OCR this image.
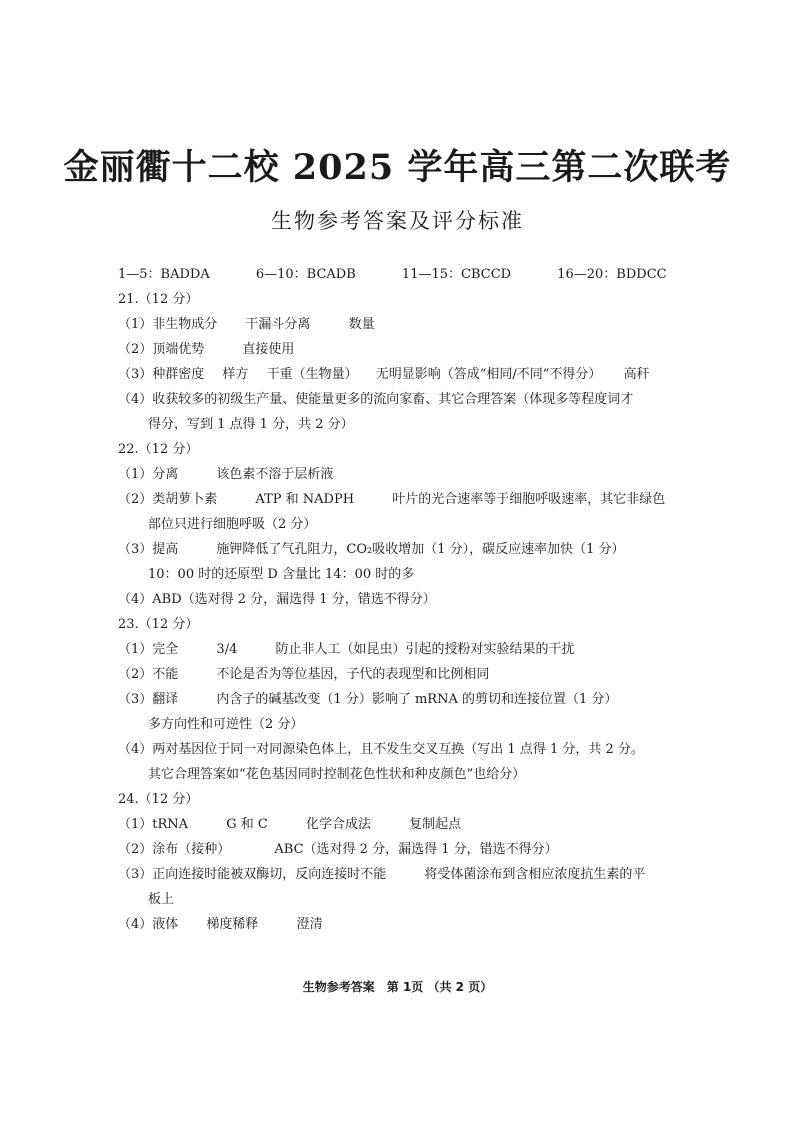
金丽衢十二校 2025 学年高三第二次联考
生物参考答案及评分标准
1—5：BADDA	6—10：BCADB	11—15：CBCCD	16—20：BDDCC
21.（12 分）
（1）非生物成分 干漏斗分离	数量
（2）顶端优势	直接使用
（3）种群密度 样方 干重（生物量） 无明显影响（答成“相同/不同”不得分） 高秆
（4）收获较多的初级生产量、使能量更多的流向家畜、其它合理答案（体现多等程度词才
得分，写到 1 点得 1 分，共 2 分）
22.（12 分）
（1）分离	该色素不溶于层析液
（2）类胡萝卜素	ATP 和 NADPH	叶片的光合速率等于细胞呼吸速率，其它非绿色
部位只进行细胞呼吸（2 分）
（3）提高	施钾降低了气孔阻力，CO₂吸收增加（1 分），碳反应速率加快（1 分）
10：00 时的还原型 D 含量比 14：00 时的多
（4）ABD（选对得 2 分，漏选得 1 分，错选不得分）
23.（12 分）
（1）完全	3/4	防止非人工（如昆虫）引起的授粉对实验结果的干扰
（2）不能	不论是否为等位基因，子代的表现型和比例相同
（3）翻译	内含子的碱基改变（1 分）影响了 mRNA 的剪切和连接位置（1 分）
多方向性和可逆性（2 分）
（4）两对基因位于同一对同源染色体上，且不发生交叉互换（写出 1 点得 1 分，共 2 分。
其它合理答案如“花色基因同时控制花色性状和种皮颜色”也给分）
24.（12 分）
（1）tRNA	G 和 C	化学合成法	复制起点
（2）涂布（接种）	ABC（选对得 2 分，漏选得 1 分，错选不得分）
（3）正向连接时能被双酶切，反向连接时不能	将受体菌涂布到含相应浓度抗生素的平
板上
（4）液体 梯度稀释	澄清
生物参考答案　第 1页 （共 2 页）
